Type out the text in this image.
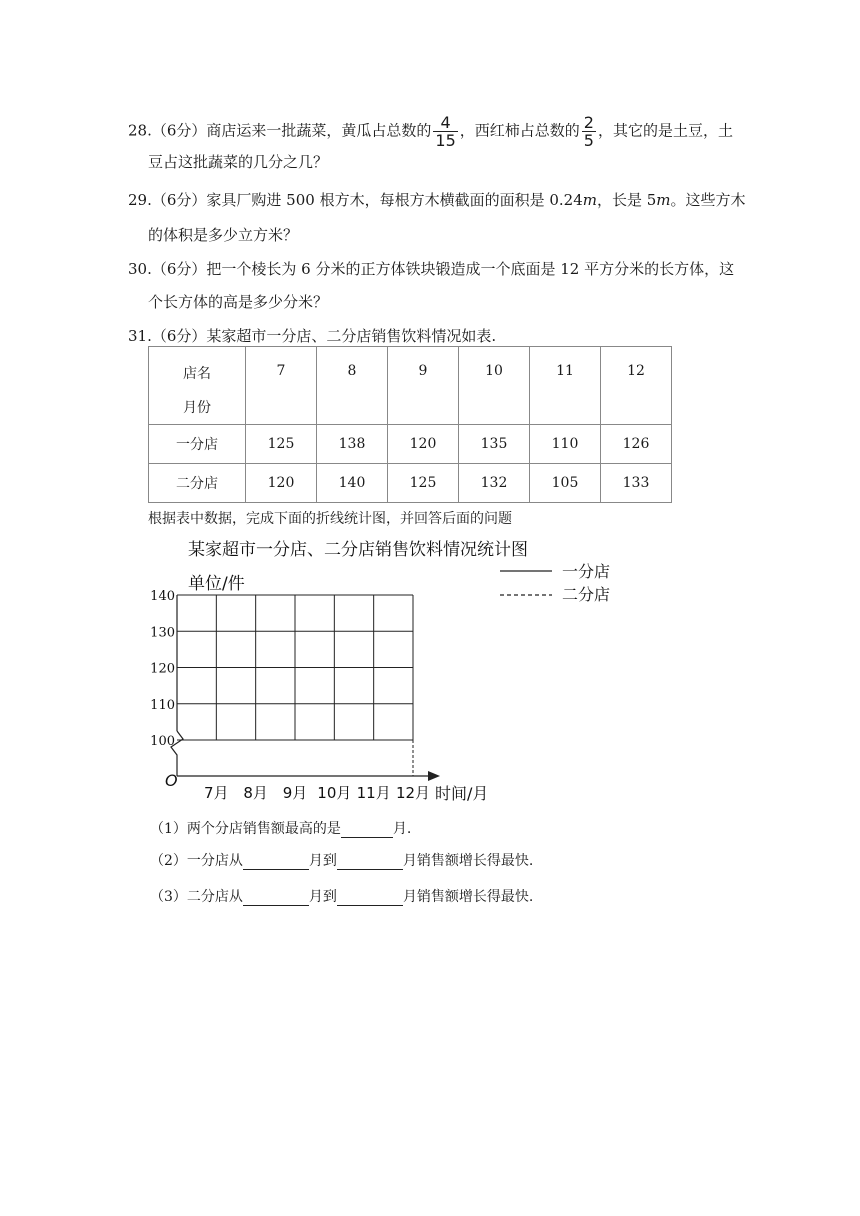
28.（6分）商店运来一批蔬菜，黄瓜占总数的 $\frac{4}{15}$ ，西红柿占总数的 $\frac{2}{5}$ ，其它的是土豆，土
豆占这批蔬菜的几分之几？
29.（6分）家具厂购进 500 根方木，每根方木横截面的面积是 0.24m，长是 5m。这些方木
的体积是多少立方米？
30.（6分）把一个棱长为 6 分米的正方体铁块锻造成一个底面是 12 平方分米的长方体，这
个长方体的高是多少分米？
31.（6分）某家超市一分店、二分店销售饮料情况如表.
店名
月份	7	8	9	10	11	12
一分店	125	138	120	135	110	126
二分店	120	140	125	132	105	133
根据表中数据，完成下面的折线统计图，并回答后面的问题
某家超市一分店、二分店销售饮料情况统计图
单位/件
一分店
二分店
140
130
120
110
100
7月 8月 9月 10月 11月 12月
O
时间/月
（1）两个分店销售额最高的是	月.
（2）一分店从	月到	月销售额增长得最快.
（3）二分店从	月到	月销售额增长得最快.
